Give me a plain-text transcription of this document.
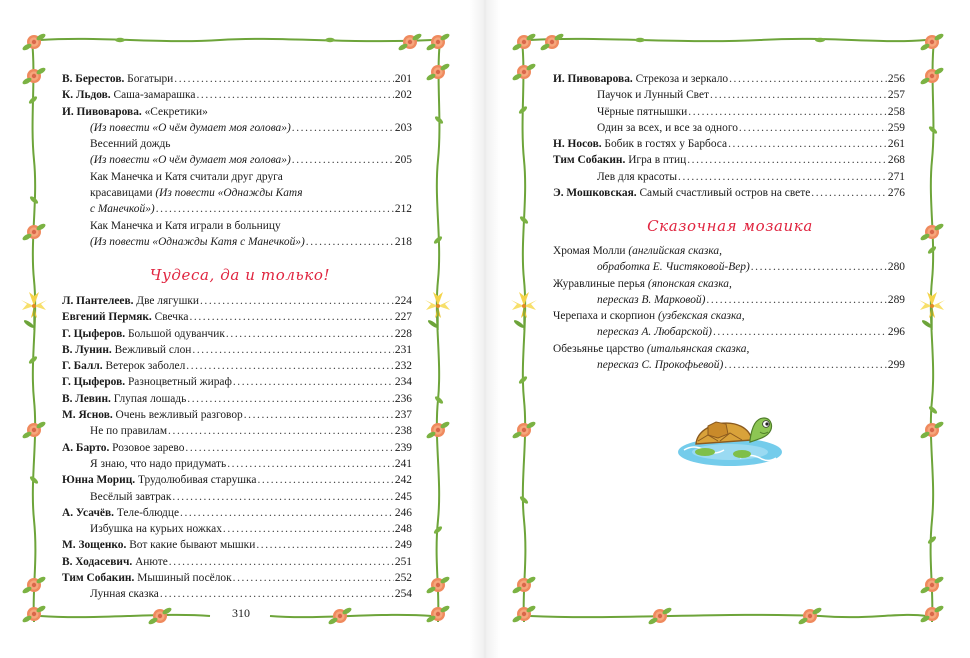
В. Берестов. Богатыри .....	201
К. Льдов. Саша-замарашка .....	202
И. Пивоварова. «Секретики»
(Из повести «О чём думает моя голова») .....	203
Весенний дождь
(Из повести «О чём думает моя голова») .....	205
Как Манечка и Катя считали друг друга
красавицами (Из повести «Однажды Катя
с Манечкой») .....	212
Как Манечка и Катя играли в больницу
(Из повести «Однажды Катя с Манечкой») .....	218
Чудеса, да и только!
Л. Пантелеев. Две лягушки .....	224
Евгений Пермяк. Свечка .....	227
Г. Цыферов. Большой одуванчик .....	228
В. Лунин. Вежливый слон .....	231
Г. Балл. Ветерок заболел .....	232
Г. Цыферов. Разноцветный жираф .....	234
В. Левин. Глупая лошадь .....	236
М. Яснов. Очень вежливый разговор .....	237
Не по правилам .....	238
А. Барто. Розовое зарево .....	239
Я знаю, что надо придумать .....	241
Юнна Мориц. Трудолюбивая старушка .....	242
Весёлый завтрак .....	245
А. Усачёв. Теле-блюдце .....	246
Избушка на курьих ножках .....	248
М. Зощенко. Вот какие бывают мышки .....	249
В. Ходасевич. Анюте .....	251
Тим Собакин. Мышиный посёлок .....	252
Лунная сказка .....	254
310
И. Пивоварова. Стрекоза и зеркало .....	256
Паучок и Лунный Свет .....	257
Чёрные пятнышки .....	258
Один за всех, и все за одного .....	259
Н. Носов. Бобик в гостях у Барбоса .....	261
Тим Собакин. Игра в птиц .....	268
Лев для красоты .....	271
Э. Мошковская. Самый счастливый остров на свете .....	276
Сказочная мозаика
Хромая Молли (английская сказка,
обработка Е. Чистяковой-Вер) .....	280
Журавлиные перья (японская сказка,
пересказ В. Марковой) .....	289
Черепаха и скорпион (узбекская сказка,
пересказ А. Любарской) .....	296
Обезьянье царство (итальянская сказка,
пересказ С. Прокофьевой) .....	299
